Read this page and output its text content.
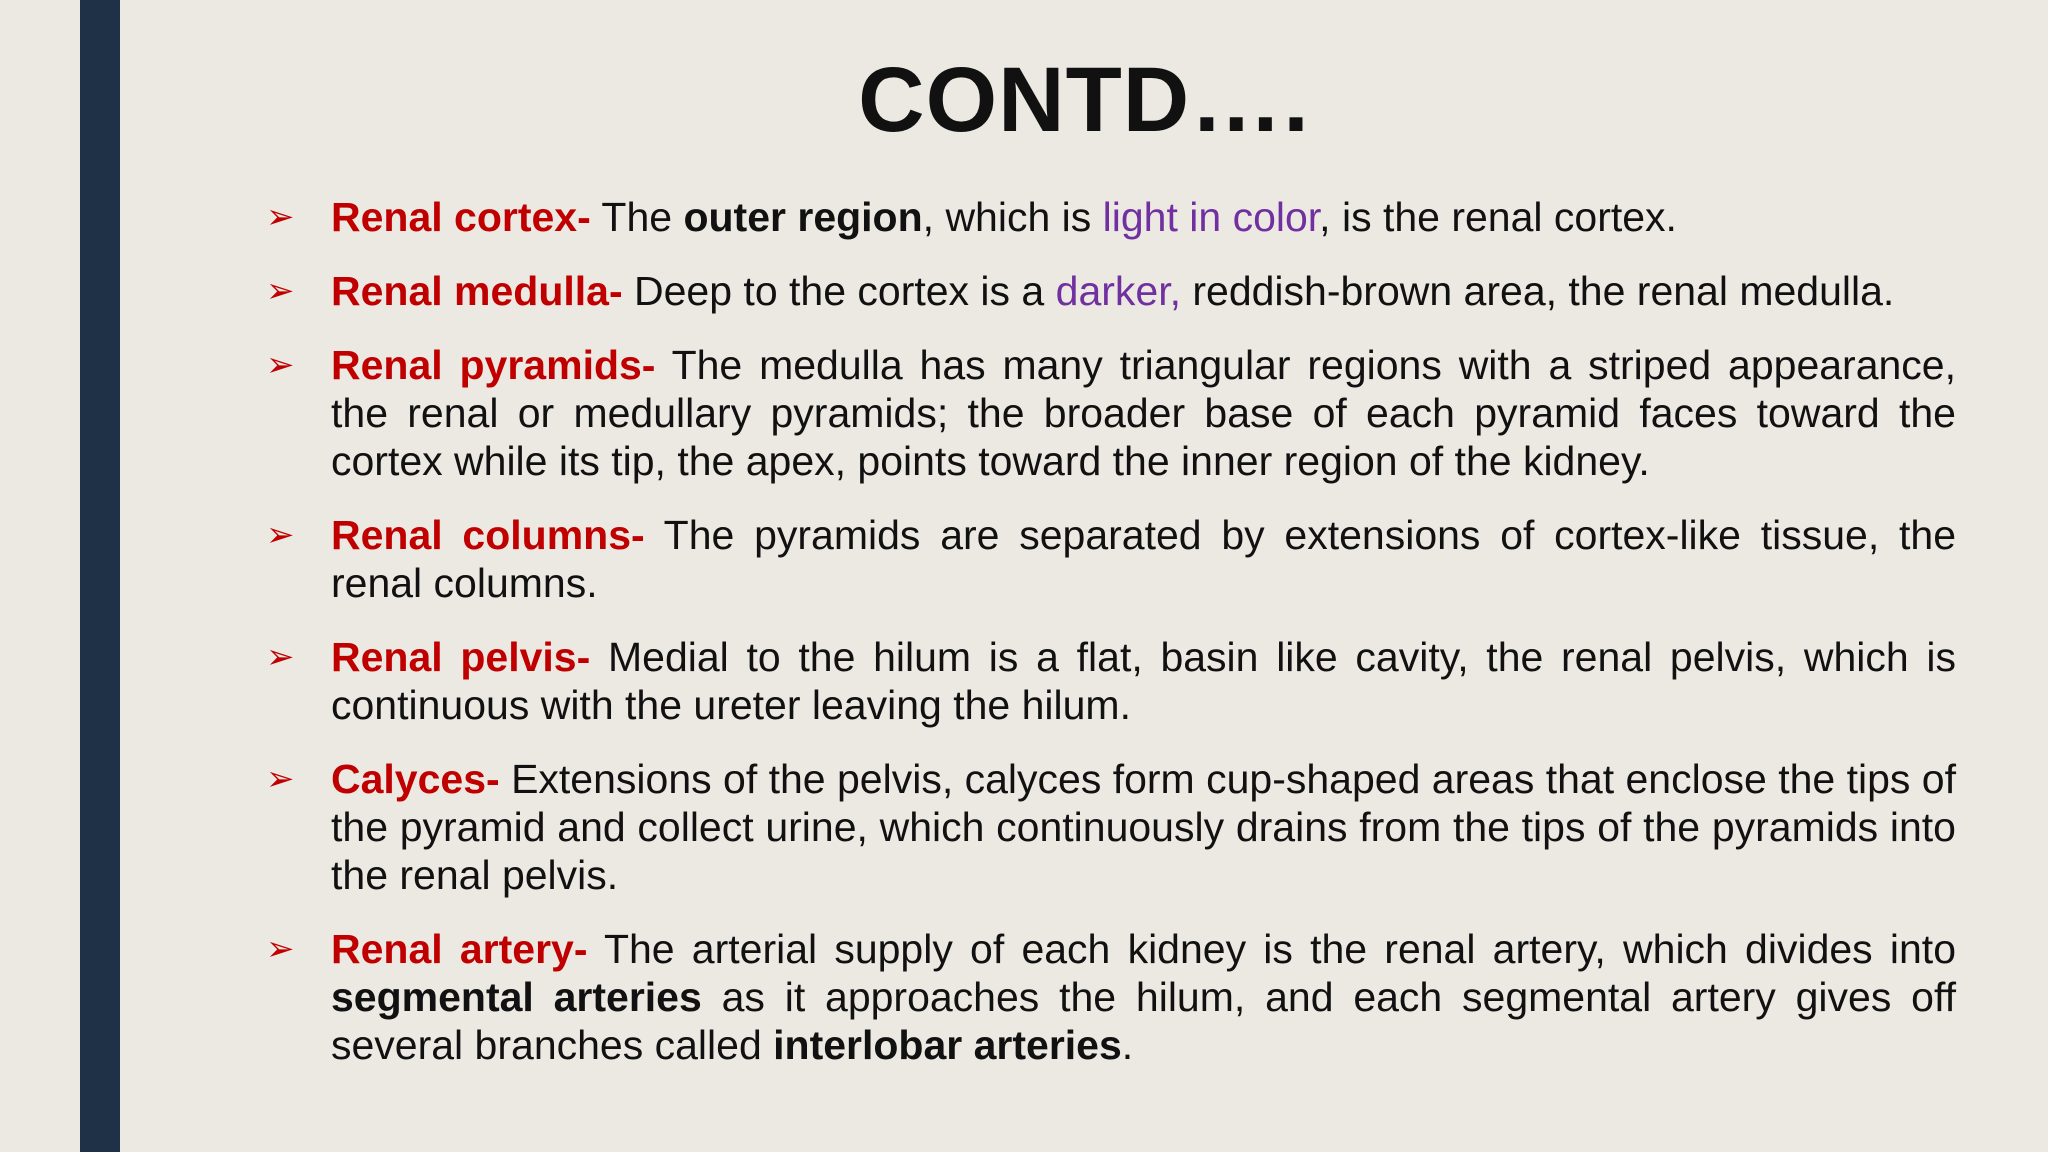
CONTD….
➢ Renal cortex- The outer region, which is light in color, is the renal cortex.
➢ Renal medulla- Deep to the cortex is a darker, reddish-brown area, the renal medulla.
➢ Renal pyramids- The medulla has many triangular regions with a striped appearance, the renal or medullary pyramids; the broader base of each pyramid faces toward the cortex while its tip, the apex, points toward the inner region of the kidney.
➢ Renal columns- The pyramids are separated by extensions of cortex-like tissue, the renal columns.
➢ Renal pelvis- Medial to the hilum is a flat, basin like cavity, the renal pelvis, which is continuous with the ureter leaving the hilum.
➢ Calyces- Extensions of the pelvis, calyces form cup-shaped areas that enclose the tips of the pyramid and collect urine, which continuously drains from the tips of the pyramids into the renal pelvis.
➢ Renal artery- The arterial supply of each kidney is the renal artery, which divides into segmental arteries as it approaches the hilum, and each segmental artery gives off several branches called interlobar arteries.
